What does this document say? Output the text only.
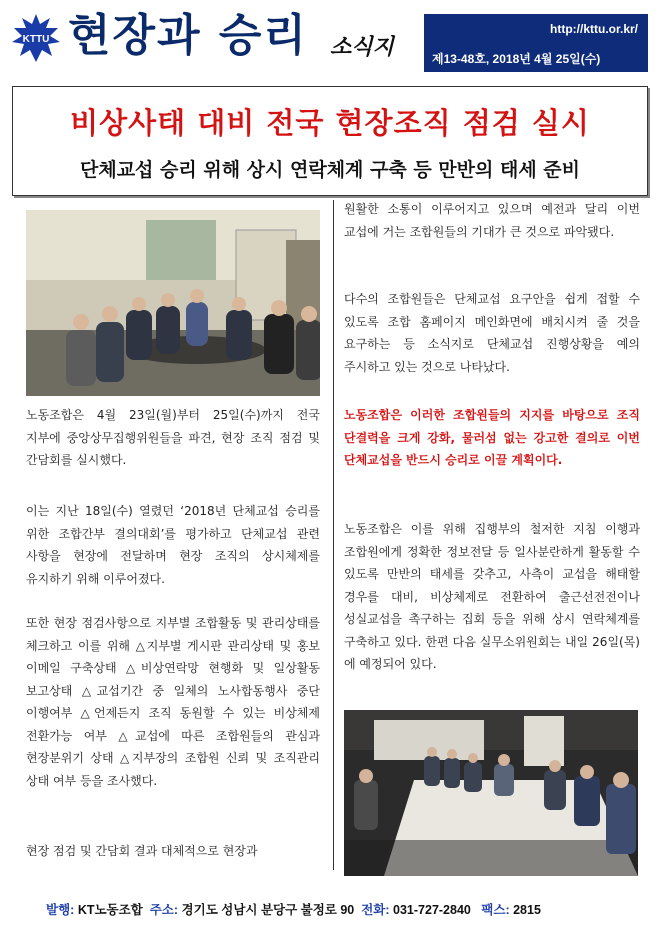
KTTU 현장과 승리 소식지
http://kttu.or.kr/
제13-48호, 2018년 4월 25일(수)
비상사태 대비 전국 현장조직 점검 실시
단체교섭 승리 위해 상시 연락체계 구축 등 만반의 태세 준비
노동조합은 4월 23일(월)부터 25일(수)까지 전국 지부에 중앙상무집행위원들을 파견, 현장 조직 점검 및 간담회를 실시했다.
이는 지난 18일(수) 열렸던 ‘2018년 단체교섭 승리를 위한 조합간부 결의대회’를 평가하고 단체교섭 관련 사항을 현장에 전달하며 현장 조직의 상시체제를 유지하기 위해 이루어졌다.
또한 현장 점검사항으로 지부별 조합활동 및 관리상태를 체크하고 이를 위해 △지부별 게시판 관리상태 및 홍보 이메일 구축상태 △비상연락망 현행화 및 일상활동 보고상태 △교섭기간 중 일체의 노사합동행사 중단 이행여부 △언제든지 조직 동원할 수 있는 비상체제 전환가능 여부 △교섭에 따른 조합원들의 관심과 현장분위기 상태 △지부장의 조합원 신뢰 및 조직관리 상태 여부 등을 조사했다.
현장 점검 및 간담회 결과 대체적으로 현장과
원활한 소통이 이루어지고 있으며 예전과 달리 이번 교섭에 거는 조합원들의 기대가 큰 것으로 파악됐다.
다수의 조합원들은 단체교섭 요구안을 쉽게 접할 수 있도록 조합 홈페이지 메인화면에 배치시켜 줄 것을 요구하는 등 소식지로 단체교섭 진행상황을 예의 주시하고 있는 것으로 나타났다.
노동조합은 이러한 조합원들의 지지를 바탕으로 조직 단결력을 크게 강화, 물러섬 없는 강고한 결의로 이번 단체교섭을 반드시 승리로 이끌 계획이다.
노동조합은 이를 위해 집행부의 철저한 지침 이행과 조합원에게 정확한 정보전달 등 일사분란하게 활동할 수 있도록 만반의 태세를 갖추고, 사측이 교섭을 해태할 경우를 대비, 비상체제로 전환하여 출근선전전이나 성실교섭을 촉구하는 집회 등을 위해 상시 연락체계를 구축하고 있다. 한편 다음 실무소위원회는 내일 26일(목)에 예정되어 있다.
발행: KT노동조합 주소: 경기도 성남시 분당구 불정로 90 전화: 031-727-2840 팩스: 2815
